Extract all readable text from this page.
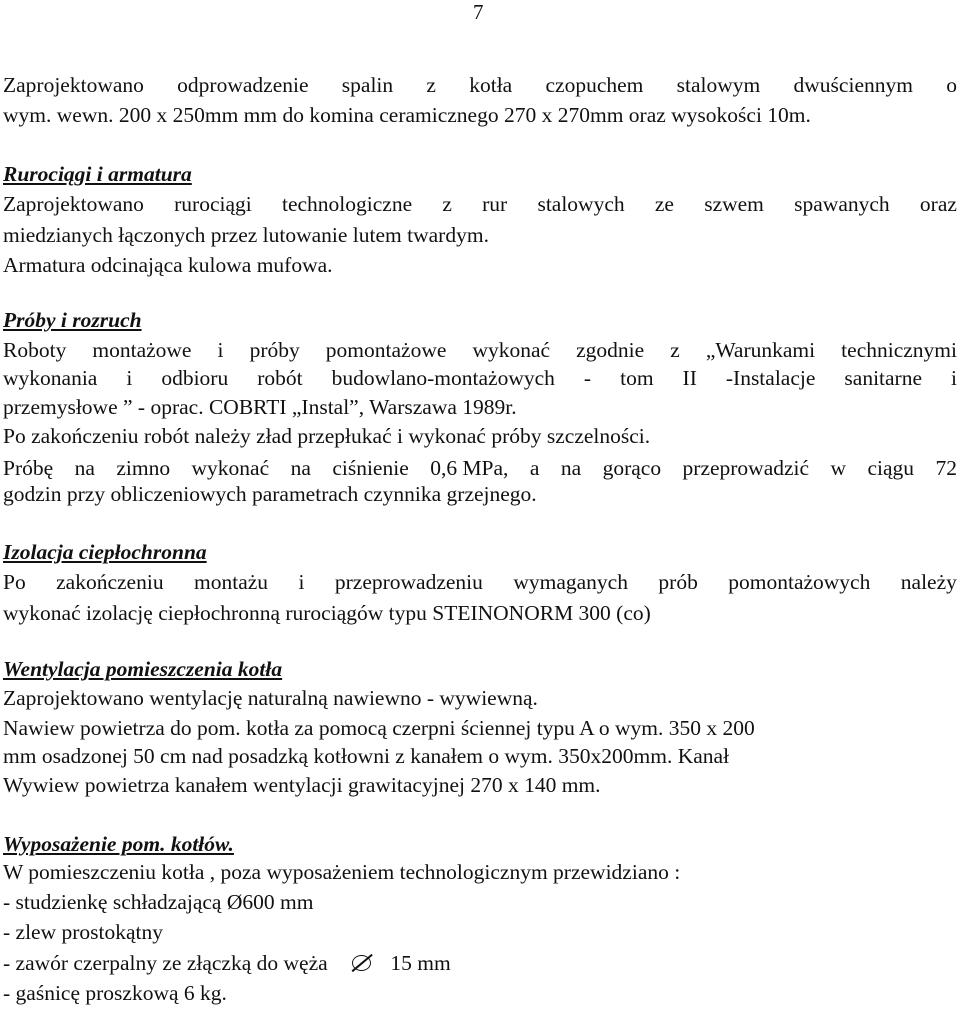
7
Zaprojektowano odprowadzenie spalin z kotła czopuchem stalowym dwuściennym o
wym. wewn. 200 x 250mm mm do komina ceramicznego 270 x 270mm oraz wysokości 10m.
Rurociągi i armatura
Zaprojektowano rurociągi technologiczne z rur stalowych ze szwem spawanych oraz
miedzianych łączonych przez lutowanie lutem twardym.
Armatura odcinająca kulowa mufowa.
Próby i rozruch
Roboty montażowe i próby pomontażowe wykonać zgodnie z „Warunkami technicznymi
wykonania i odbioru robót budowlano-montażowych - tom II -Instalacje sanitarne i
przemysłowe ” - oprac. COBRTI „Instal”, Warszawa 1989r.
Po zakończeniu robót należy zład przepłukać i wykonać próby szczelności.
Próbę na zimno wykonać na ciśnienie 0,6 MPa, a na gorąco przeprowadzić w ciągu 72
godzin przy obliczeniowych parametrach czynnika grzejnego.
Izolacja ciepłochronna
Po zakończeniu montażu i przeprowadzeniu wymaganych prób pomontażowych należy
wykonać izolację ciepłochronną rurociągów typu STEINONORM 300 (co)
Wentylacja pomieszczenia kotła
Zaprojektowano wentylację naturalną nawiewno - wywiewną.
Nawiew powietrza do pom. kotła za pomocą czerpni ściennej typu A o wym. 350 x 200
mm osadzonej 50 cm nad posadzką kotłowni z kanałem o wym. 350x200mm. Kanał
Wywiew powietrza kanałem wentylacji grawitacyjnej 270 x 140 mm.
Wyposażenie pom. kotłów.
W pomieszczeniu kotła , poza wyposażeniem technologicznym przewidziano :
- studzienkę schładzającą Ø600 mm
- zlew prostokątny
- zawór czerpalny ze złączką do węża	15 mm
- gaśnicę proszkową 6 kg.
